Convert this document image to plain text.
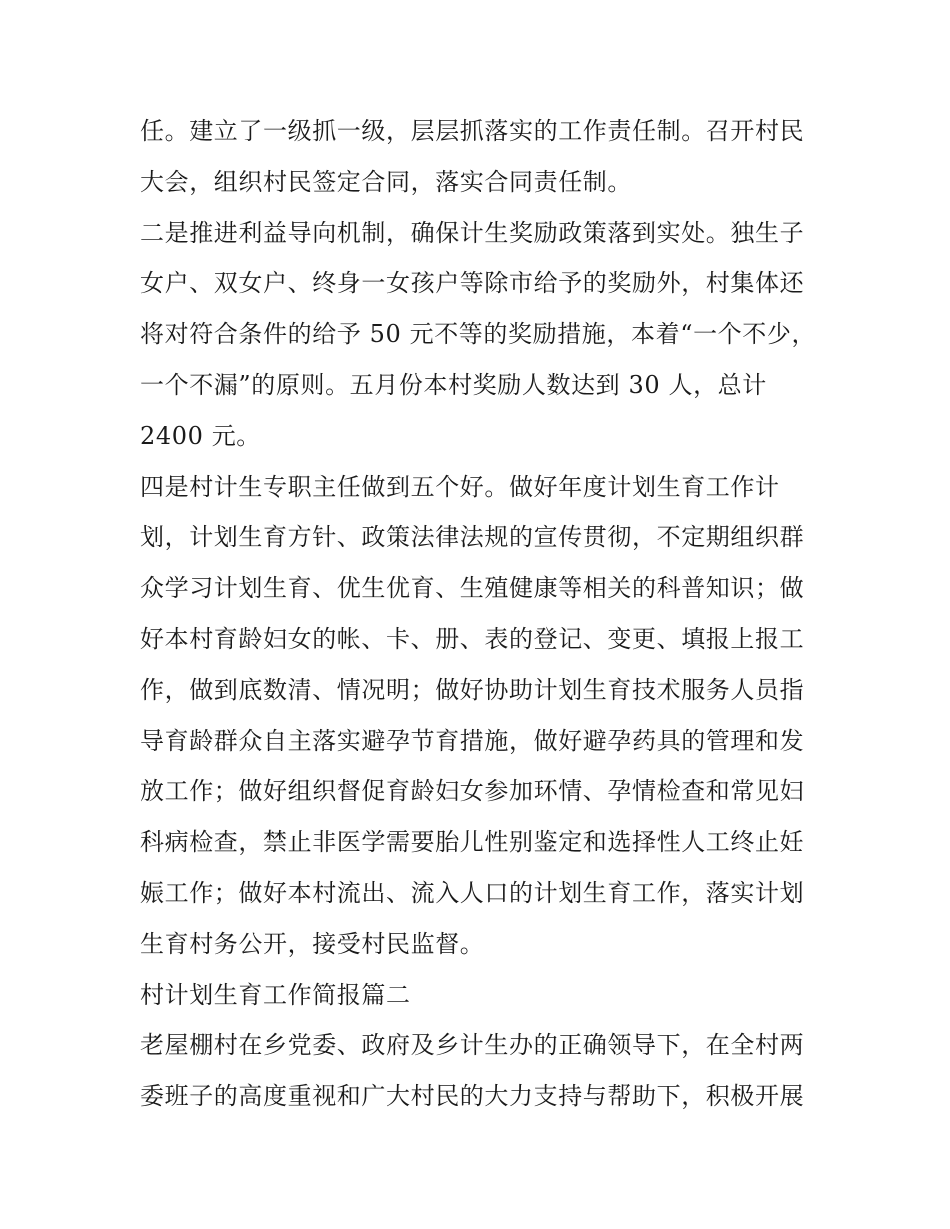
任。建立了一级抓一级，层层抓落实的工作责任制。召开村民
大会，组织村民签定合同，落实合同责任制。
二是推进利益导向机制，确保计生奖励政策落到实处。独生子
女户、双女户、终身一女孩户等除市给予的奖励外，村集体还
将对符合条件的给予 50 元不等的奖励措施，本着“一个不少，
一个不漏”的原则。五月份本村奖励人数达到 30 人，总计
2400 元。
四是村计生专职主任做到五个好。做好年度计划生育工作计
划，计划生育方针、政策法律法规的宣传贯彻，不定期组织群
众学习计划生育、优生优育、生殖健康等相关的科普知识；做
好本村育龄妇女的帐、卡、册、表的登记、变更、填报上报工
作，做到底数清、情况明；做好协助计划生育技术服务人员指
导育龄群众自主落实避孕节育措施，做好避孕药具的管理和发
放工作；做好组织督促育龄妇女参加环情、孕情检查和常见妇
科病检查，禁止非医学需要胎儿性别鉴定和选择性人工终止妊
娠工作；做好本村流出、流入人口的计划生育工作，落实计划
生育村务公开，接受村民监督。
村计划生育工作简报篇二
老屋棚村在乡党委、政府及乡计生办的正确领导下，在全村两
委班子的高度重视和广大村民的大力支持与帮助下，积极开展
